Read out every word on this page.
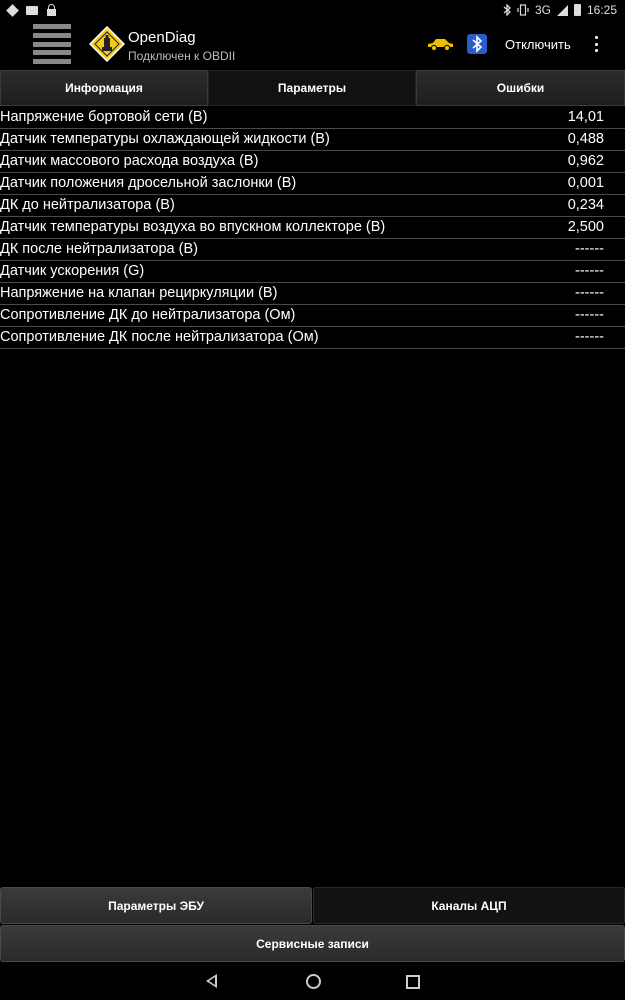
3G	16:25
OpenDiag
Подключен к OBDII
Отключить
Информация	Параметры	Ошибки
Напряжение бортовой сети (В)	14,01
Датчик температуры охлаждающей жидкости (В)	0,488
Датчик массового расхода воздуха (В)	0,962
Датчик положения дросельной заслонки (В)	0,001
ДК до нейтрализатора (В)	0,234
Датчик температуры воздуха во впускном коллекторе (В)	2,500
ДК после нейтрализатора (В)	------
Датчик ускорения (G)	------
Напряжение на клапан рециркуляции (В)	------
Сопротивление ДК до нейтрализатора (Ом)	------
Сопротивление ДК после нейтрализатора (Ом)	------
Параметры ЭБУ	Каналы АЦП
Сервисные записи
